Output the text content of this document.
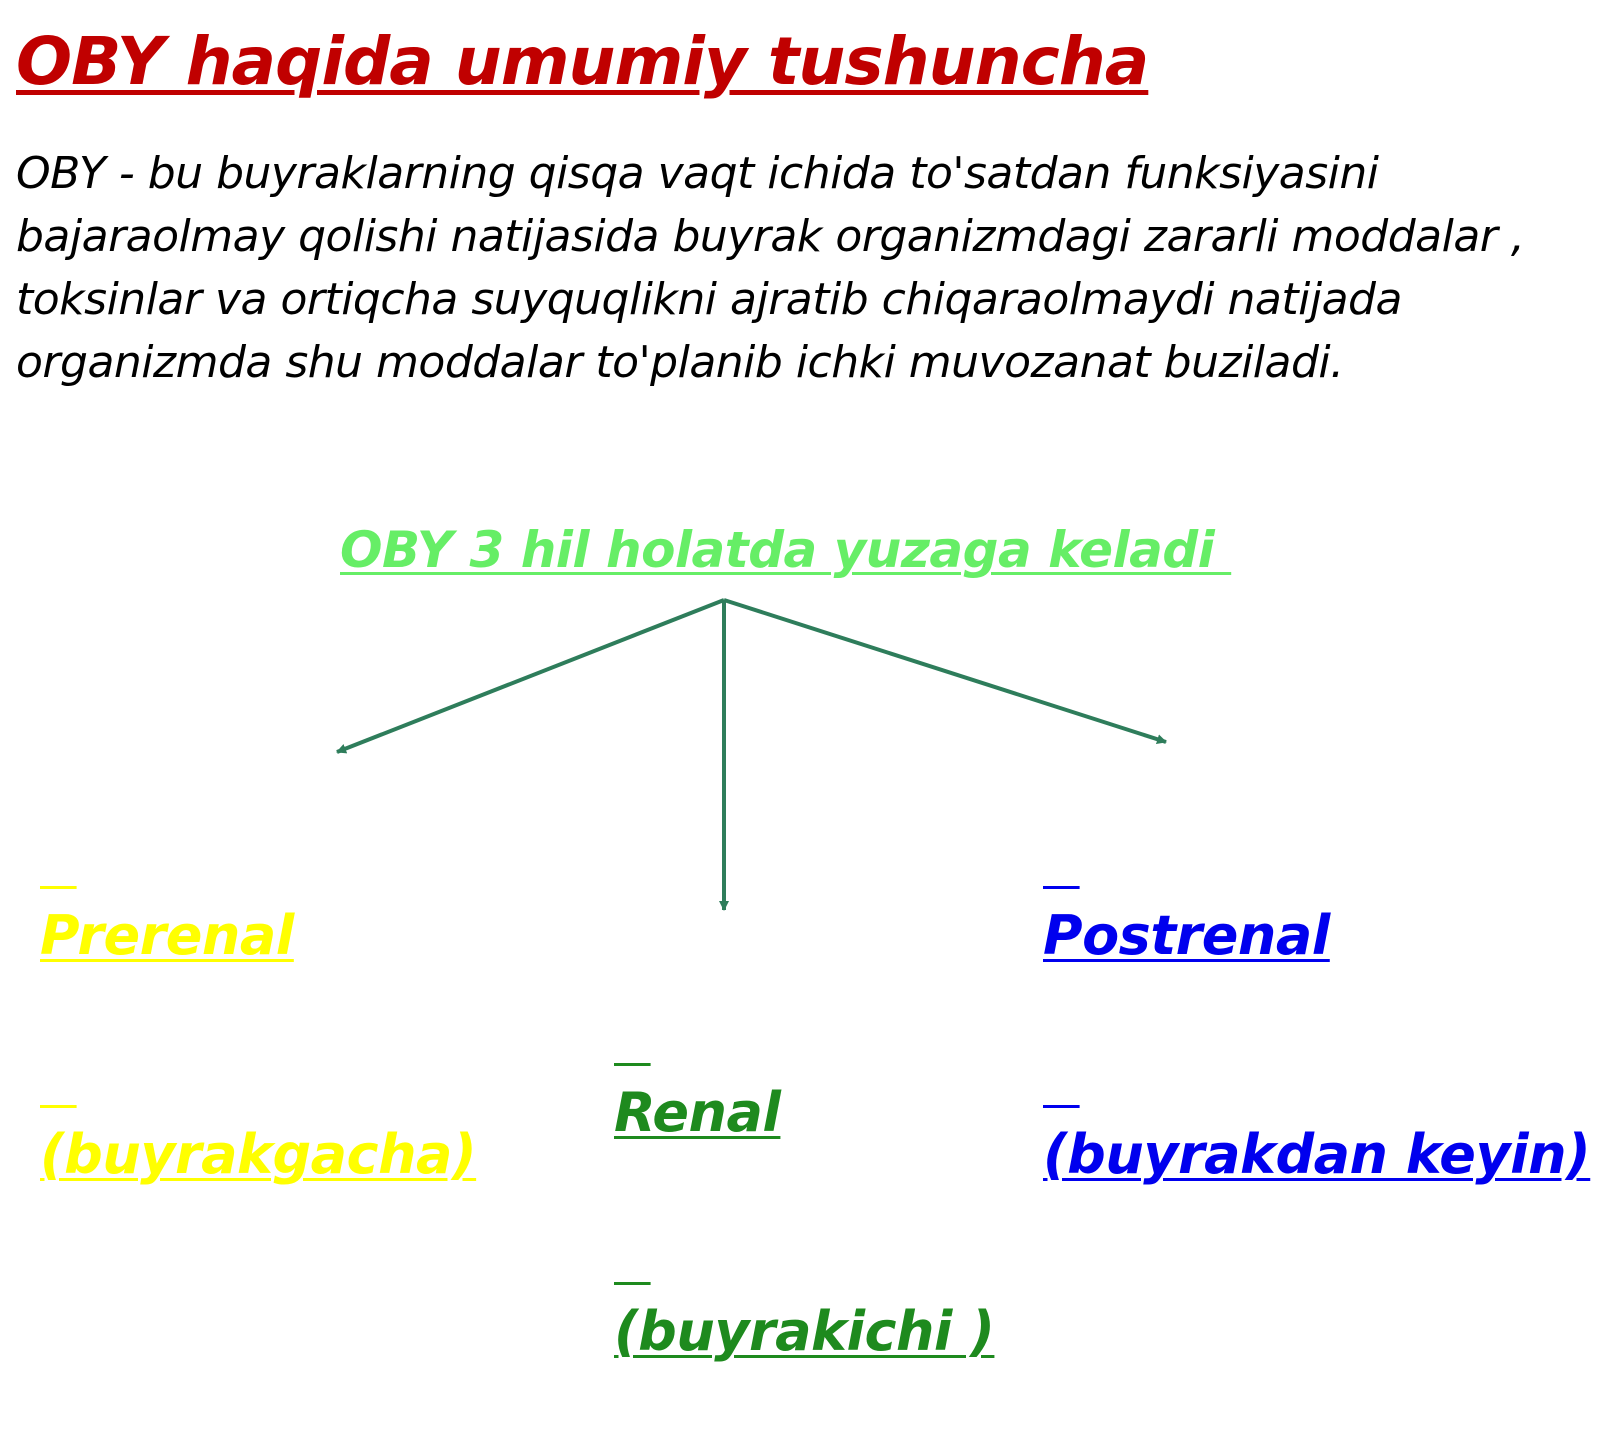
OBY haqida umumiy tushuncha

OBY - bu buyraklarning qisqa vaqt ichida to'satdan funksiyasini bajaraolmay qolishi natijasida buyrak organizmdagi zararli moddalar , toksinlar va ortiqcha suyquqlikni ajratib chiqaraolmaydi natijada organizmda shu moddalar to'planib ichki muvozanat buziladi.

OBY 3 hil holatda yuzaga keladi

Prerenal

(buyrakgacha)

Postrenal

(buyrakdan keyin)

Renal

(buyrakichi )
